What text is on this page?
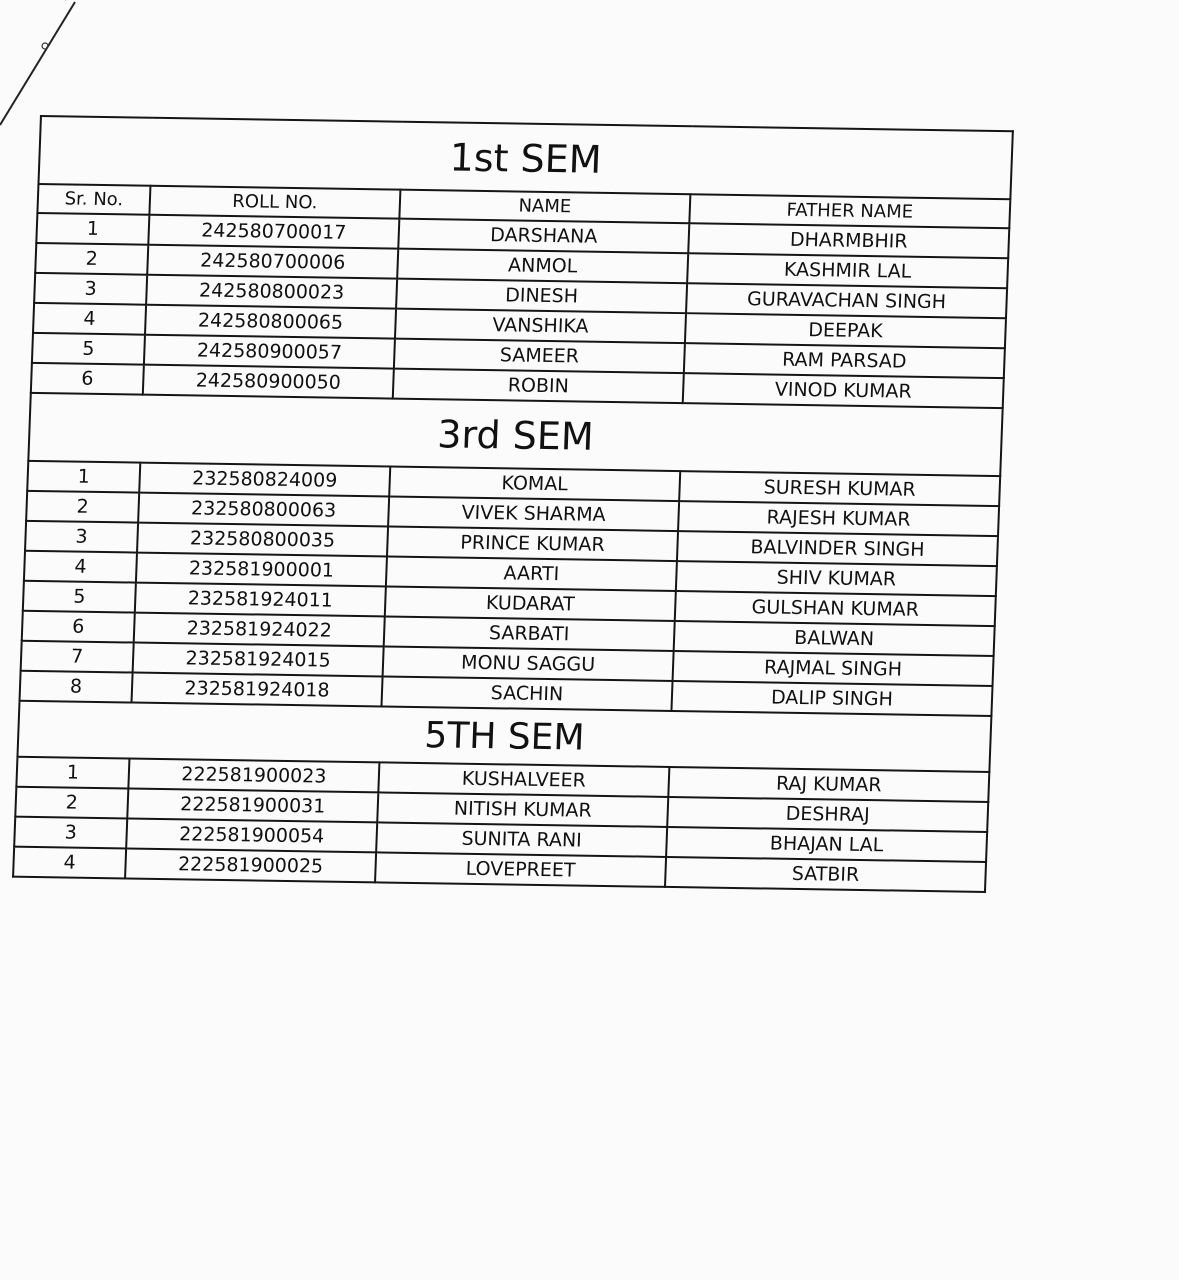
1st SEM			
Sr. No.	ROLL NO.	NAME	FATHER NAME
1	242580700017	DARSHANA	DHARMBHIR
2	242580700006	ANMOL	KASHMIR LAL
3	242580800023	DINESH	GURAVACHAN SINGH
4	242580800065	VANSHIKA	DEEPAK
5	242580900057	SAMEER	RAM PARSAD
6	242580900050	ROBIN	VINOD KUMAR
3rd SEM			
1	232580824009	KOMAL	SURESH KUMAR
2	232580800063	VIVEK SHARMA	RAJESH KUMAR
3	232580800035	PRINCE KUMAR	BALVINDER SINGH
4	232581900001	AARTI	SHIV KUMAR
5	232581924011	KUDARAT	GULSHAN KUMAR
6	232581924022	SARBATI	BALWAN
7	232581924015	MONU SAGGU	RAJMAL SINGH
8	232581924018	SACHIN	DALIP SINGH
5TH SEM			
1	222581900023	KUSHALVEER	RAJ KUMAR
2	222581900031	NITISH KUMAR	DESHRAJ
3	222581900054	SUNITA RANI	BHAJAN LAL
4	222581900025	LOVEPREET	SATBIR
